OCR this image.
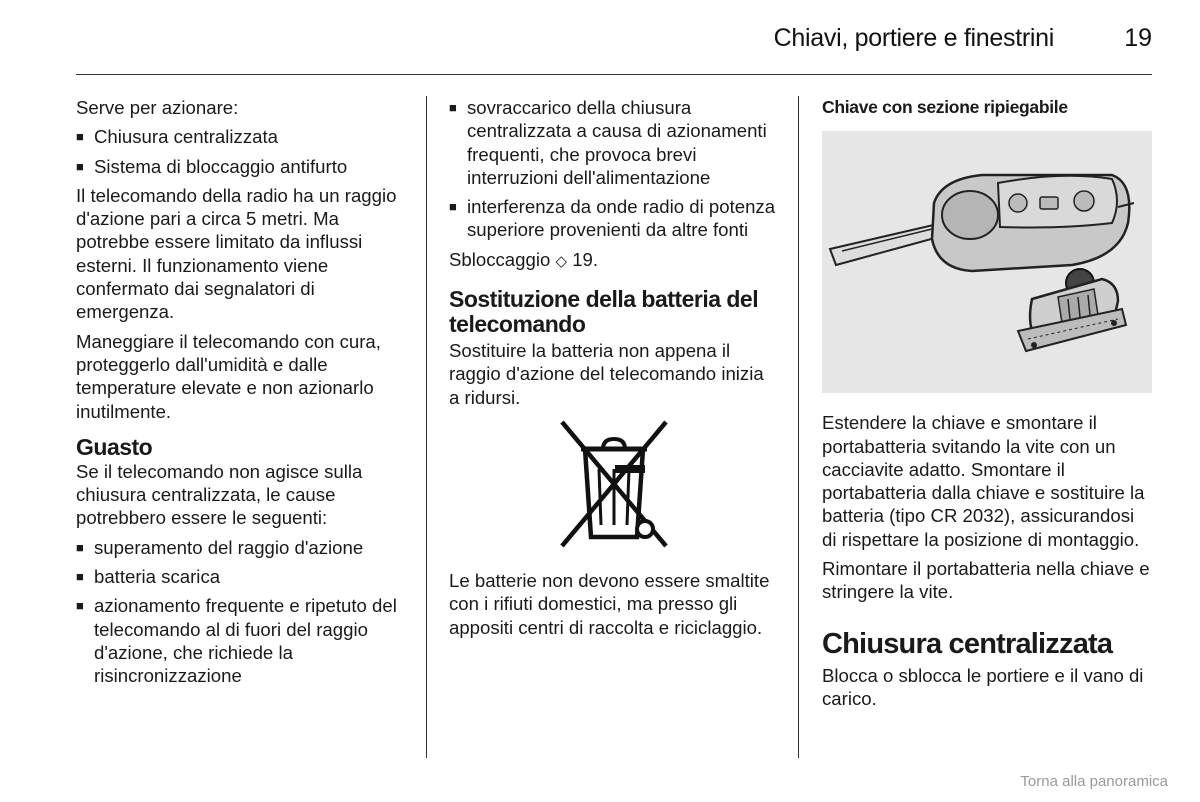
Chiavi, portiere e finestrini	19

Serve per azionare:

■ Chiusura centralizzata
■ Sistema di bloccaggio antifurto

Il telecomando della radio ha un raggio d'azione pari a circa 5 metri. Ma potrebbe essere limitato da influssi esterni. Il funzionamento viene confermato dai segnalatori di emergenza.

Maneggiare il telecomando con cura, proteggerlo dall'umidità e dalle temperature elevate e non azionarlo inutilmente.

Guasto

Se il telecomando non agisce sulla chiusura centralizzata, le cause potrebbero essere le seguenti:

■ superamento del raggio d'azione
■ batteria scarica
■ azionamento frequente e ripetuto del telecomando al di fuori del raggio d'azione, che richiede la risincronizzazione
■ sovraccarico della chiusura centralizzata a causa di azionamenti frequenti, che provoca brevi interruzioni dell'alimentazione
■ interferenza da onde radio di potenza superiore provenienti da altre fonti

Sbloccaggio ◇ 19.

Sostituzione della batteria del telecomando

Sostituire la batteria non appena il raggio d'azione del telecomando inizia a ridursi.

Le batterie non devono essere smaltite con i rifiuti domestici, ma presso gli appositi centri di raccolta e riciclaggio.

Chiave con sezione ripiegabile

Estendere la chiave e smontare il portabatteria svitando la vite con un cacciavite adatto. Smontare il portabatteria dalla chiave e sostituire la batteria (tipo CR 2032), assicurandosi di rispettare la posizione di montaggio.

Rimontare il portabatteria nella chiave e stringere la vite.

Chiusura centralizzata

Blocca o sblocca le portiere e il vano di carico.

Torna alla panoramica
